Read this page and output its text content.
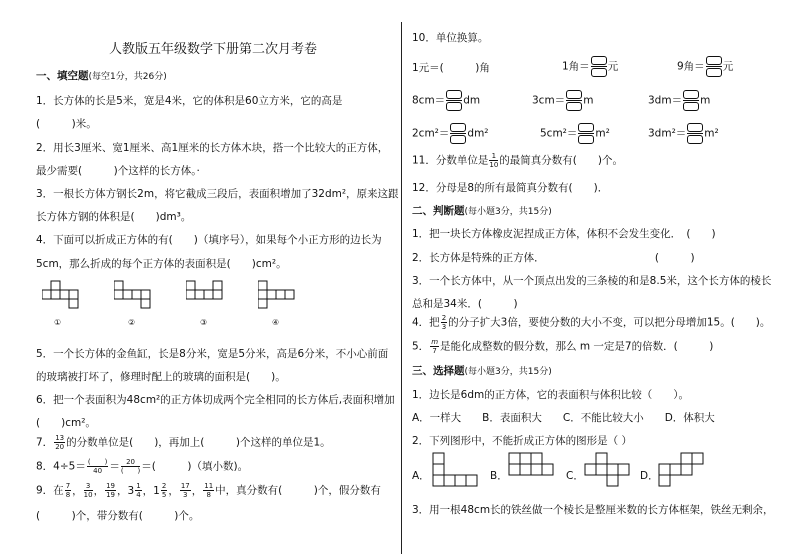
人教版五年级数学下册第二次月考卷
一、填空题(每空1分，共26分)
1．长方体的长是5米，宽是4米，它的体积是60立方米，它的高是
(　　　)米。
2．用长3厘米、宽1厘米、高1厘米的长方体木块，搭一个比较大的正方体，
最少需要(　　　)个这样的长方体。·
3．一根长方体方钢长2m，将它截成三段后，表面积增加了32dm²，原来这跟
长方体方钢的体积是(　　)dm³。
4．下面可以折成正方体的有(　　)（填序号），如果每个小正方形的边长为
5cm，那么折成的每个正方体的表面积是(　　)cm²。
①	②	③	④
5．一个长方体的金鱼缸，长是8分米，宽是5分米，高是6分米，不小心前面
的玻璃被打坏了，修理时配上的玻璃的面积是(　　)。
6．把一个表面积为48cm²的正方体切成两个完全相同的长方体后,表面积增加
(　　)cm²。
7． $\frac{13}{20}$ 的分数单位是(　　)，再加上(　　　)个这样的单位是1。
8．$4\div 5= \frac{( )}{40} = \frac{20}{( )}$ ＝(　　　)（填小数)。
9．在 $\frac{7}{8}$ ， $\frac{3}{10}$ ， $\frac{19}{19}$ ，$3 \frac{1}{4}$ ，$1 \frac{2}{5}$ ， $\frac{17}{3}$ ， $\frac{11}{8}$ 中，真分数有(　　　)个，假分数有
(　　　)个，带分数有(　　　)个。
10．单位换算。
1元＝(　　　)角	1角＝ 元	9角＝ 元
8cm＝ dm	3cm＝ m	3dm＝ m
2cm²＝ dm²	5cm²＝ m²	3dm²＝ m²
11．分数单位是 $\frac{1}{10}$ 的最简真分数有(　　)个。
12．分母是8的所有最简真分数有(　　)．
二、判断题(每小题3分，共15分)
1．把一块长方体橡皮泥捏成正方体，体积不会发生变化．　(　　)
2．长方体是特殊的正方体．　　　　　　　　　　　(　　　)
3．一个长方体中，从一个顶点出发的三条棱的和是8.5米，这个长方体的棱长
总和是34米．(　　　)
4．把 $\frac{2}{3}$ 的分子扩大3倍，要使分数的大小不变，可以把分母增加15。(　　)。
5． $\frac{m}{7}$ 是能化成整数的假分数，那么 m 一定是7的倍数．(　　　)
三、选择题(每小题3分，共15分)
1．边长是6dm的正方体，它的表面积与体积比较（　　）。
A．一样大　　B．表面积大　　C．不能比较大小　　D．体积大
2．下列图形中，不能折成正方体的图形是（ ）
A．	B．	C．	D．
3．用一根48cm长的铁丝做一个棱长是整厘米数的长方体框架，铁丝无剩余，
